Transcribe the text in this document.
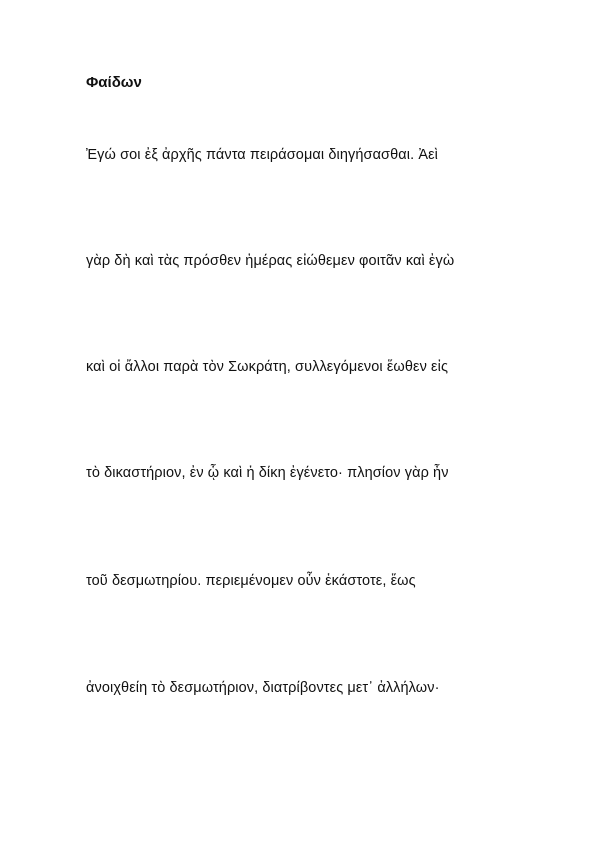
Φαίδων
Ἐγώ σοι ἐξ ἀρχῆς πάντα πειράσομαι διηγήσασθαι. Ἀεὶ
γὰρ δὴ καὶ τὰς πρόσθεν ἡμέρας εἰώθεμεν φοιτᾶν καὶ ἐγὼ
καὶ οἱ ἄλλοι παρὰ τὸν Σωκράτη, συλλεγόμενοι ἕωθεν εἰς
τὸ δικαστήριον, ἐν ᾧ καὶ ἡ δίκη ἐγένετο· πλησίον γὰρ ἦν
τοῦ δεσμωτηρίου. περιεμένομεν οὖν ἑκάστοτε, ἕως
ἀνοιχθείη τὸ δεσμωτήριον, διατρίβοντες μετ᾽ ἀλλήλων·
